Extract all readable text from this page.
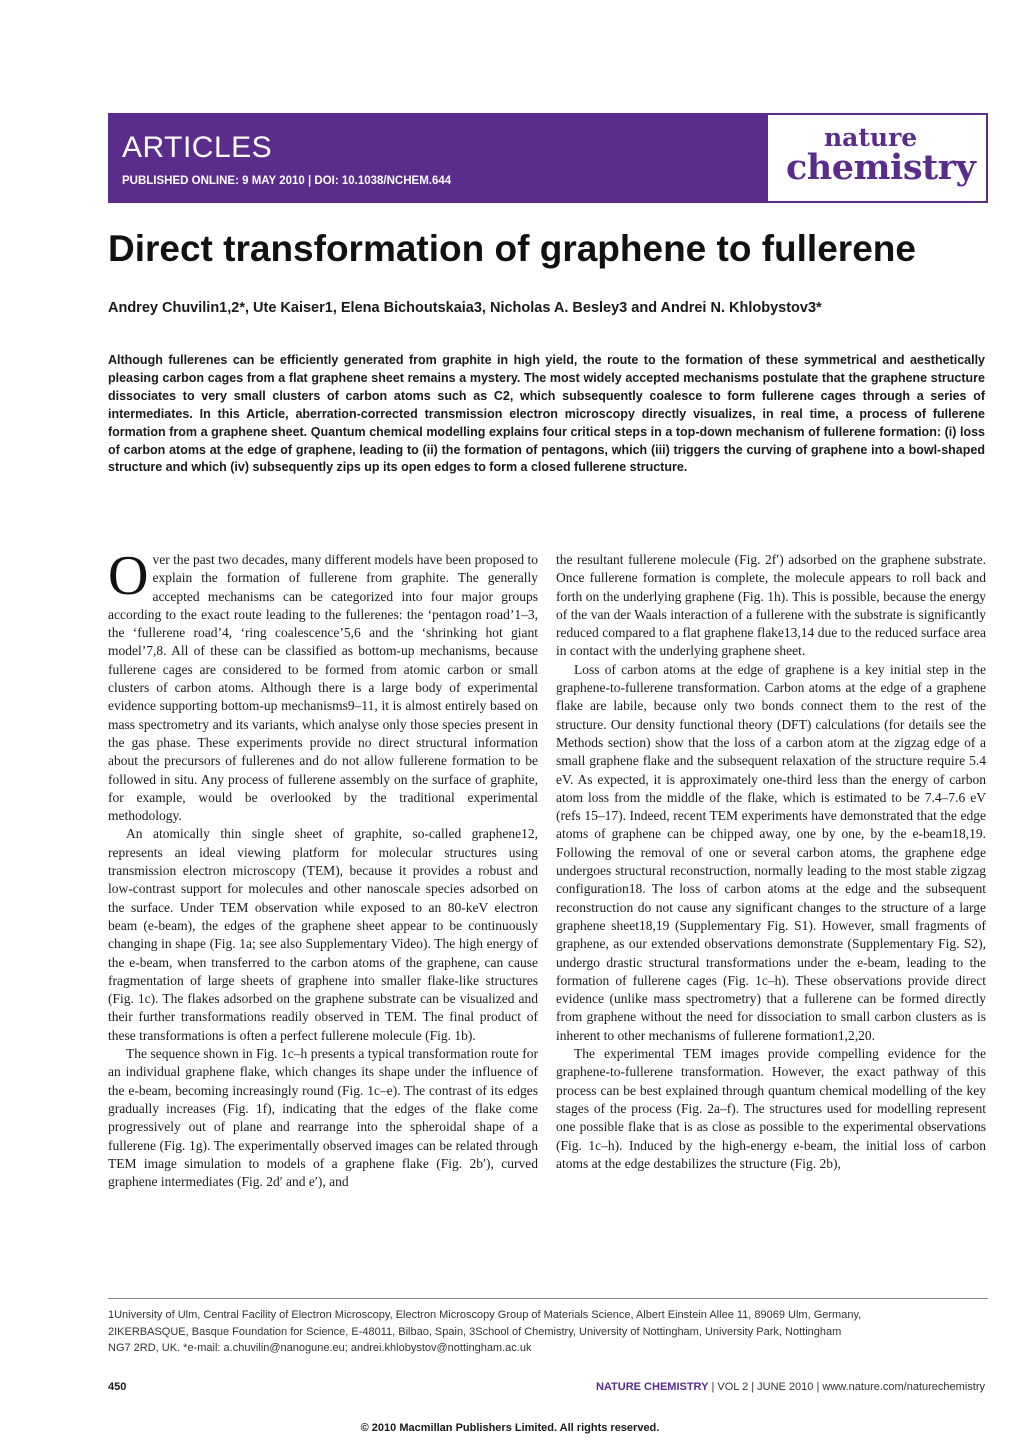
ARTICLES
PUBLISHED ONLINE: 9 MAY 2010 | DOI: 10.1038/NCHEM.644
nature
chemistry
Direct transformation of graphene to fullerene
Andrey Chuvilin1,2*, Ute Kaiser1, Elena Bichoutskaia3, Nicholas A. Besley3 and Andrei N. Khlobystov3*
Although fullerenes can be efficiently generated from graphite in high yield, the route to the formation of these symmetrical and aesthetically pleasing carbon cages from a flat graphene sheet remains a mystery. The most widely accepted mechanisms postulate that the graphene structure dissociates to very small clusters of carbon atoms such as C2, which subsequently coalesce to form fullerene cages through a series of intermediates. In this Article, aberration-corrected transmission electron microscopy directly visualizes, in real time, a process of fullerene formation from a graphene sheet. Quantum chemical modelling explains four critical steps in a top-down mechanism of fullerene formation: (i) loss of carbon atoms at the edge of graphene, leading to (ii) the formation of pentagons, which (iii) triggers the curving of graphene into a bowl-shaped structure and which (iv) subsequently zips up its open edges to form a closed fullerene structure.

Over the past two decades, many different models have been proposed to explain the formation of fullerene from graphite. The generally accepted mechanisms can be categorized into four major groups according to the exact route leading to the fullerenes: the ‘pentagon road’1–3, the ‘fullerene road’4, ‘ring coalescence’5,6 and the ‘shrinking hot giant model’7,8. All of these can be classified as bottom-up mechanisms, because fullerene cages are considered to be formed from atomic carbon or small clusters of carbon atoms. Although there is a large body of experimental evidence supporting bottom-up mechanisms9–11, it is almost entirely based on mass spectrometry and its variants, which analyse only those species present in the gas phase. These experiments provide no direct structural information about the precursors of fullerenes and do not allow fullerene formation to be followed in situ. Any process of fullerene assembly on the surface of graphite, for example, would be overlooked by the traditional experimental methodology.

An atomically thin single sheet of graphite, so-called graphene12, represents an ideal viewing platform for molecular structures using transmission electron microscopy (TEM), because it provides a robust and low-contrast support for molecules and other nanoscale species adsorbed on the surface. Under TEM observation while exposed to an 80-keV electron beam (e-beam), the edges of the graphene sheet appear to be continuously changing in shape (Fig. 1a; see also Supplementary Video). The high energy of the e-beam, when transferred to the carbon atoms of the graphene, can cause fragmentation of large sheets of graphene into smaller flake-like structures (Fig. 1c). The flakes adsorbed on the graphene substrate can be visualized and their further transformations readily observed in TEM. The final product of these transformations is often a perfect fullerene molecule (Fig. 1b).

The sequence shown in Fig. 1c–h presents a typical transformation route for an individual graphene flake, which changes its shape under the influence of the e-beam, becoming increasingly round (Fig. 1c–e). The contrast of its edges gradually increases (Fig. 1f), indicating that the edges of the flake come progressively out of plane and rearrange into the spheroidal shape of a fullerene (Fig. 1g). The experimentally observed images can be related through TEM image simulation to models of a graphene flake (Fig. 2b′), curved graphene intermediates (Fig. 2d′ and e′), and

the resultant fullerene molecule (Fig. 2f′) adsorbed on the graphene substrate. Once fullerene formation is complete, the molecule appears to roll back and forth on the underlying graphene (Fig. 1h). This is possible, because the energy of the van der Waals interaction of a fullerene with the substrate is significantly reduced compared to a flat graphene flake13,14 due to the reduced surface area in contact with the underlying graphene sheet.

Loss of carbon atoms at the edge of graphene is a key initial step in the graphene-to-fullerene transformation. Carbon atoms at the edge of a graphene flake are labile, because only two bonds connect them to the rest of the structure. Our density functional theory (DFT) calculations (for details see the Methods section) show that the loss of a carbon atom at the zigzag edge of a small graphene flake and the subsequent relaxation of the structure require 5.4 eV. As expected, it is approximately one-third less than the energy of carbon atom loss from the middle of the flake, which is estimated to be 7.4–7.6 eV (refs 15–17). Indeed, recent TEM experiments have demonstrated that the edge atoms of graphene can be chipped away, one by one, by the e-beam18,19. Following the removal of one or several carbon atoms, the graphene edge undergoes structural reconstruction, normally leading to the most stable zigzag configuration18. The loss of carbon atoms at the edge and the subsequent reconstruction do not cause any significant changes to the structure of a large graphene sheet18,19 (Supplementary Fig. S1). However, small fragments of graphene, as our extended observations demonstrate (Supplementary Fig. S2), undergo drastic structural transformations under the e-beam, leading to the formation of fullerene cages (Fig. 1c–h). These observations provide direct evidence (unlike mass spectrometry) that a fullerene can be formed directly from graphene without the need for dissociation to small carbon clusters as is inherent to other mechanisms of fullerene formation1,2,20.

The experimental TEM images provide compelling evidence for the graphene-to-fullerene transformation. However, the exact pathway of this process can be best explained through quantum chemical modelling of the key stages of the process (Fig. 2a–f). The structures used for modelling represent one possible flake that is as close as possible to the experimental observations (Fig. 1c–h). Induced by the high-energy e-beam, the initial loss of carbon atoms at the edge destabilizes the structure (Fig. 2b),

1University of Ulm, Central Facility of Electron Microscopy, Electron Microscopy Group of Materials Science, Albert Einstein Allee 11, 89069 Ulm, Germany,

2IKERBASQUE, Basque Foundation for Science, E-48011, Bilbao, Spain, 3School of Chemistry, University of Nottingham, University Park, Nottingham

NG7 2RD, UK. *e-mail: a.chuvilin@nanogune.eu; andrei.khlobystov@nottingham.ac.uk

450	NATURE CHEMISTRY | VOL 2 | JUNE 2010 | www.nature.com/naturechemistry
© 2010 Macmillan Publishers Limited. All rights reserved.
